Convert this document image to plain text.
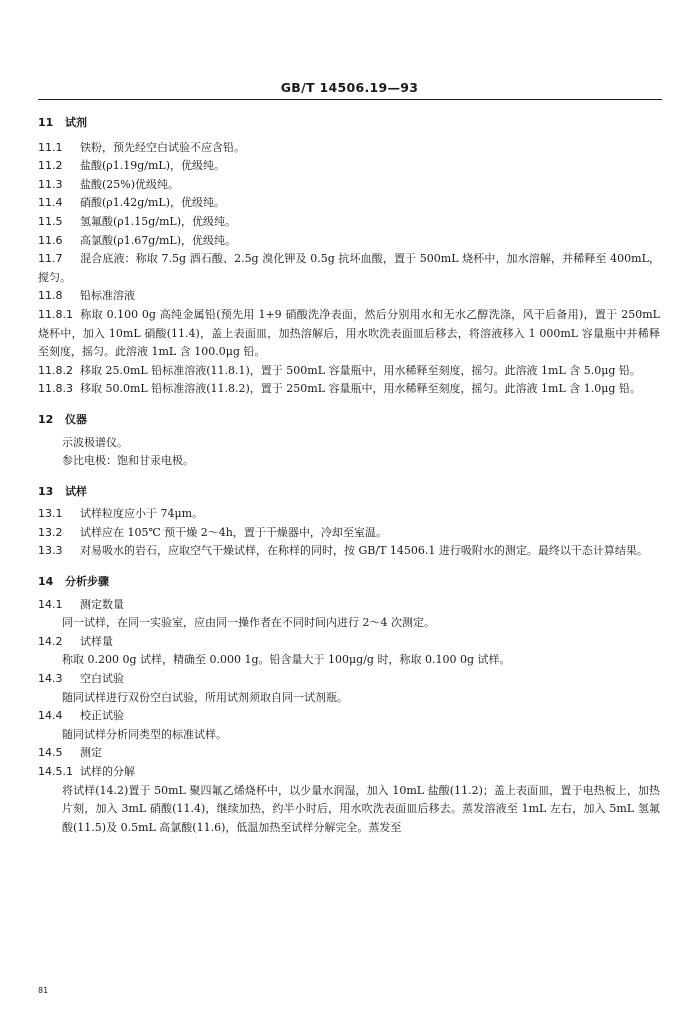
GB/T 14506.19—93

11 试剂

11.1 铁粉，预先经空白试验不应含铅。

11.2 盐酸(ρ1.19g/mL)，优级纯。

11.3 盐酸(25%)优级纯。

11.4 硝酸(ρ1.42g/mL)，优级纯。

11.5 氢氟酸(ρ1.15g/mL)，优级纯。

11.6 高氯酸(ρ1.67g/mL)，优级纯。

11.7 混合底液：称取 7.5g 酒石酸、2.5g 溴化钾及 0.5g 抗坏血酸，置于 500mL 烧杯中，加水溶解，并稀释至 400mL，搅匀。

11.8 铅标准溶液

11.8.1 称取 0.100 0g 高纯金属铅(预先用 1+9 硝酸洗净表面，然后分别用水和无水乙醇洗涤，风干后备用)，置于 250mL 烧杯中，加入 10mL 硝酸(11.4)，盖上表面皿，加热溶解后，用水吹洗表面皿后移去，将溶液移入 1 000mL 容量瓶中并稀释至刻度，摇匀。此溶液 1mL 含 100.0μg 铅。

11.8.2 移取 25.0mL 铅标准溶液(11.8.1)，置于 500mL 容量瓶中，用水稀释至刻度，摇匀。此溶液 1mL 含 5.0μg 铅。

11.8.3 移取 50.0mL 铅标准溶液(11.8.2)，置于 250mL 容量瓶中，用水稀释至刻度，摇匀。此溶液 1mL 含 1.0μg 铅。

12 仪器

示波极谱仪。

参比电极：饱和甘汞电极。

13 试样

13.1 试样粒度应小于 74μm。

13.2 试样应在 105℃ 预干燥 2～4h，置于干燥器中，冷却至室温。

13.3 对易吸水的岩石，应取空气干燥试样，在称样的同时，按 GB/T 14506.1 进行吸附水的测定。最终以干态计算结果。

14 分析步骤

14.1 测定数量

同一试样，在同一实验室，应由同一操作者在不同时间内进行 2～4 次测定。

14.2 试样量

称取 0.200 0g 试样，精确至 0.000 1g。铅含量大于 100μg/g 时，称取 0.100 0g 试样。

14.3 空白试验

随同试样进行双份空白试验，所用试剂须取自同一试剂瓶。

14.4 校正试验

随同试样分析同类型的标准试样。

14.5 测定

14.5.1 试样的分解

将试样(14.2)置于 50mL 聚四氟乙烯烧杯中，以少量水润湿，加入 10mL 盐酸(11.2)；盖上表面皿，置于电热板上，加热片刻，加入 3mL 硝酸(11.4)，继续加热，约半小时后，用水吹洗表面皿后移去。蒸发溶液至 1mL 左右，加入 5mL 氢氟酸(11.5)及 0.5mL 高氯酸(11.6)，低温加热至试样分解完全。蒸发至

81
